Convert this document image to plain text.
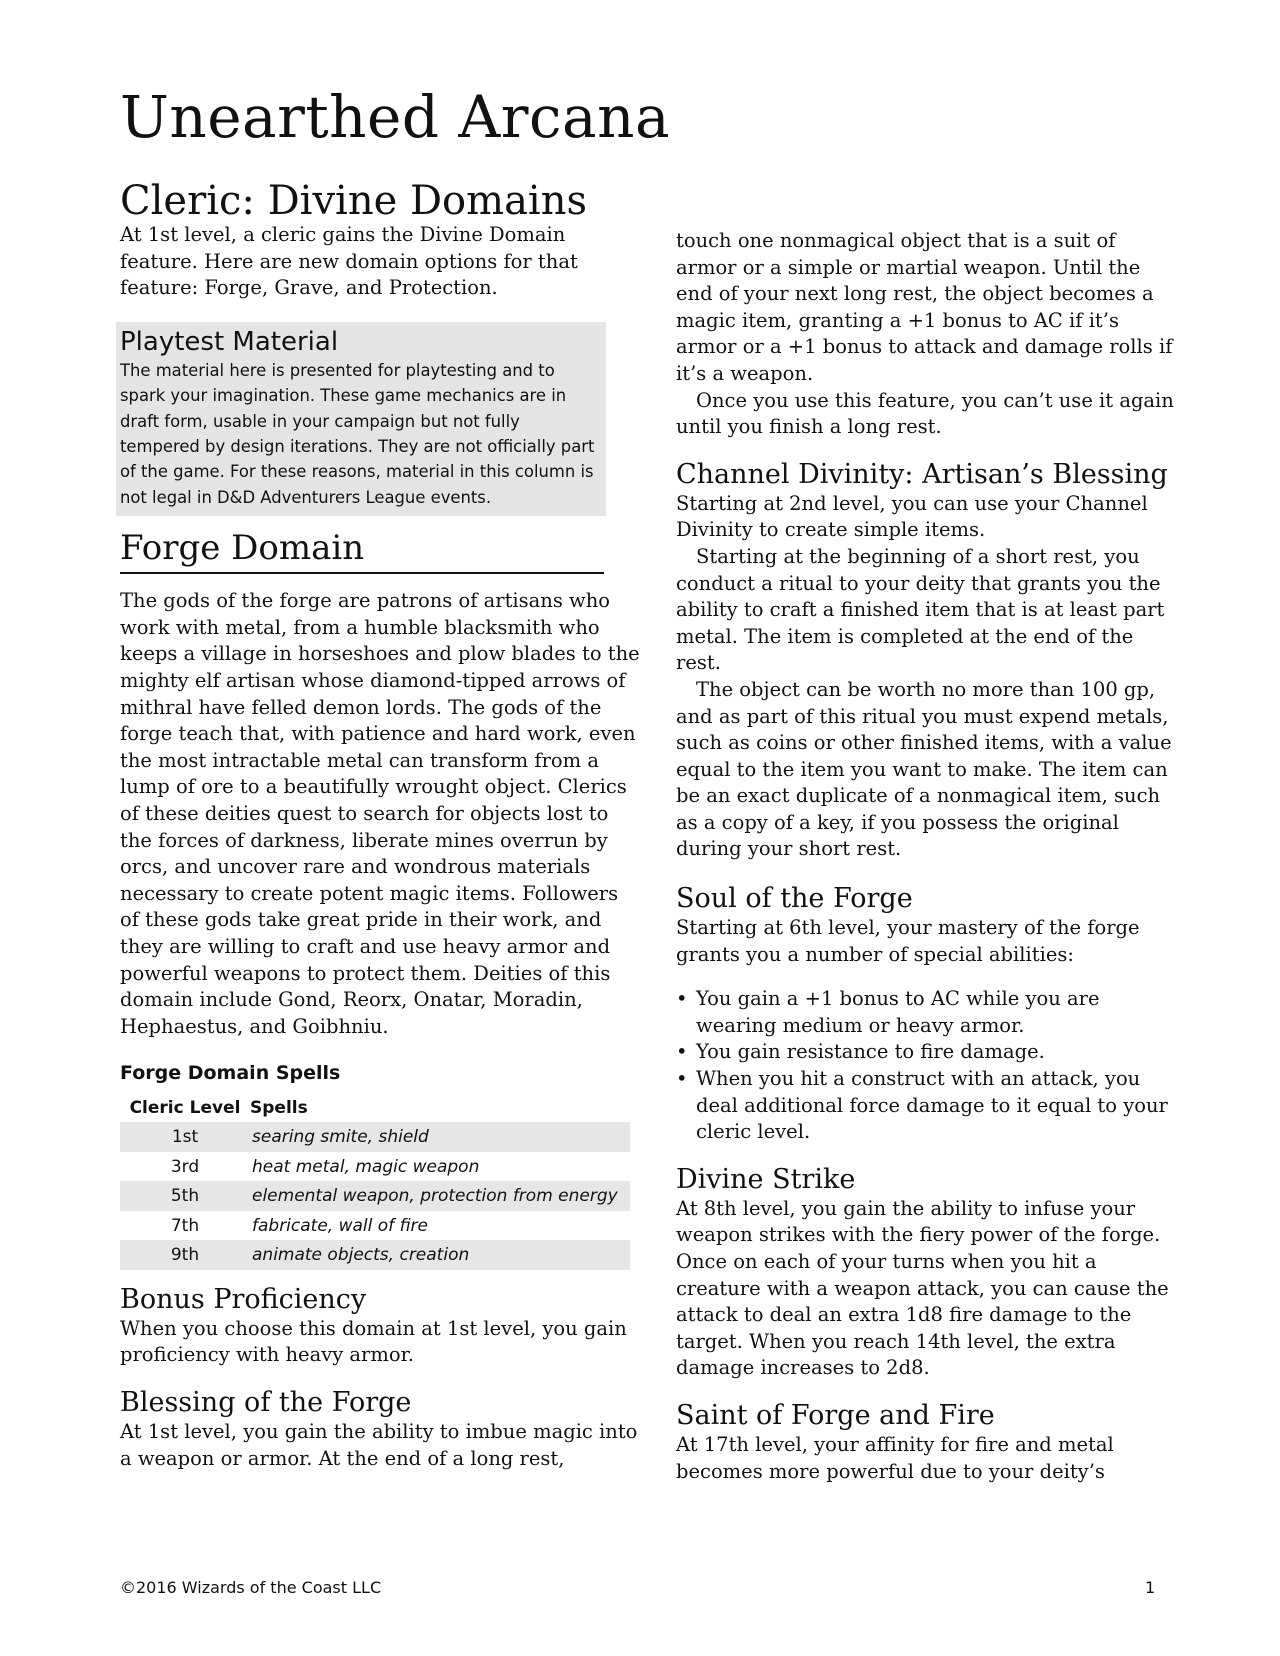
Unearthed Arcana
Cleric: Divine Domains

At 1st level, a cleric gains the Divine Domain feature. Here are new domain options for that feature: Forge, Grave, and Protection.

Playtest Material

The material here is presented for playtesting and to spark your imagination. These game mechanics are in draft form, usable in your campaign but not fully tempered by design iterations. They are not officially part of the game. For these reasons, material in this column is not legal in D&D Adventurers League events.

Forge Domain

The gods of the forge are patrons of artisans who work with metal, from a humble blacksmith who keeps a village in horseshoes and plow blades to the mighty elf artisan whose diamond-tipped arrows of mithral have felled demon lords. The gods of the forge teach that, with patience and hard work, even the most intractable metal can transform from a lump of ore to a beautifully wrought object. Clerics of these deities quest to search for objects lost to the forces of darkness, liberate mines overrun by orcs, and uncover rare and wondrous materials necessary to create potent magic items. Followers of these gods take great pride in their work, and they are willing to craft and use heavy armor and powerful weapons to protect them. Deities of this domain include Gond, Reorx, Onatar, Moradin, Hephaestus, and Goibhniu.

Forge Domain Spells
Cleric Level	Spells
1st	searing smite, shield
3rd	heat metal, magic weapon
5th	elemental weapon, protection from energy
7th	fabricate, wall of fire
9th	animate objects, creation
Bonus Proficiency

When you choose this domain at 1st level, you gain proficiency with heavy armor.

Blessing of the Forge

At 1st level, you gain the ability to imbue magic into a weapon or armor. At the end of a long rest,

touch one nonmagical object that is a suit of armor or a simple or martial weapon. Until the end of your next long rest, the object becomes a magic item, granting a +1 bonus to AC if it’s armor or a +1 bonus to attack and damage rolls if it’s a weapon.

Once you use this feature, you can’t use it again until you finish a long rest.

Channel Divinity: Artisan’s Blessing

Starting at 2nd level, you can use your Channel Divinity to create simple items.

Starting at the beginning of a short rest, you conduct a ritual to your deity that grants you the ability to craft a finished item that is at least part metal. The item is completed at the end of the rest.

The object can be worth no more than 100 gp, and as part of this ritual you must expend metals, such as coins or other finished items, with a value equal to the item you want to make. The item can be an exact duplicate of a nonmagical item, such as a copy of a key, if you possess the original during your short rest.

Soul of the Forge

Starting at 6th level, your mastery of the forge grants you a number of special abilities:

• You gain a +1 bonus to AC while you are wearing medium or heavy armor.
• You gain resistance to fire damage.
• When you hit a construct with an attack, you deal additional force damage to it equal to your cleric level.
Divine Strike

At 8th level, you gain the ability to infuse your weapon strikes with the fiery power of the forge. Once on each of your turns when you hit a creature with a weapon attack, you can cause the attack to deal an extra 1d8 fire damage to the target. When you reach 14th level, the extra damage increases to 2d8.

Saint of Forge and Fire

At 17th level, your affinity for fire and metal becomes more powerful due to your deity’s

©2016 Wizards of the Coast LLC	1
